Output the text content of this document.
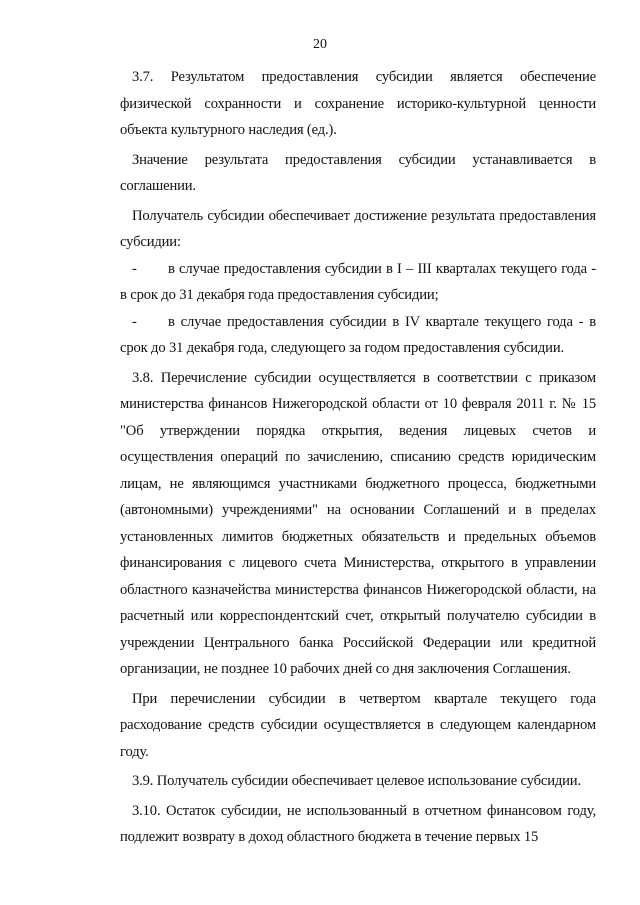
20

3.7. Результатом предоставления субсидии является обеспечение физической сохранности и сохранение историко-культурной ценности объекта культурного наследия (ед.).

Значение результата предоставления субсидии устанавливается в соглашении.

Получатель субсидии обеспечивает достижение результата предоставления субсидии:

- в случае предоставления субсидии в I – III кварталах текущего года - в срок до 31 декабря года предоставления субсидии;

- в случае предоставления субсидии в IV квартале текущего года - в срок до 31 декабря года, следующего за годом предоставления субсидии.

3.8. Перечисление субсидии осуществляется в соответствии с приказом министерства финансов Нижегородской области от 10 февраля 2011 г. № 15 "Об утверждении порядка открытия, ведения лицевых счетов и осуществления операций по зачислению, списанию средств юридическим лицам, не являющимся участниками бюджетного процесса, бюджетными (автономными) учреждениями" на основании Соглашений и в пределах установленных лимитов бюджетных обязательств и предельных объемов финансирования с лицевого счета Министерства, открытого в управлении областного казначейства министерства финансов Нижегородской области, на расчетный или корреспондентский счет, открытый получателю субсидии в учреждении Центрального банка Российской Федерации или кредитной организации, не позднее 10 рабочих дней со дня заключения Соглашения.

При перечислении субсидии в четвертом квартале текущего года расходование средств субсидии осуществляется в следующем календарном году.

3.9. Получатель субсидии обеспечивает целевое использование субсидии.

3.10. Остаток субсидии, не использованный в отчетном финансовом году, подлежит возврату в доход областного бюджета в течение первых 15
